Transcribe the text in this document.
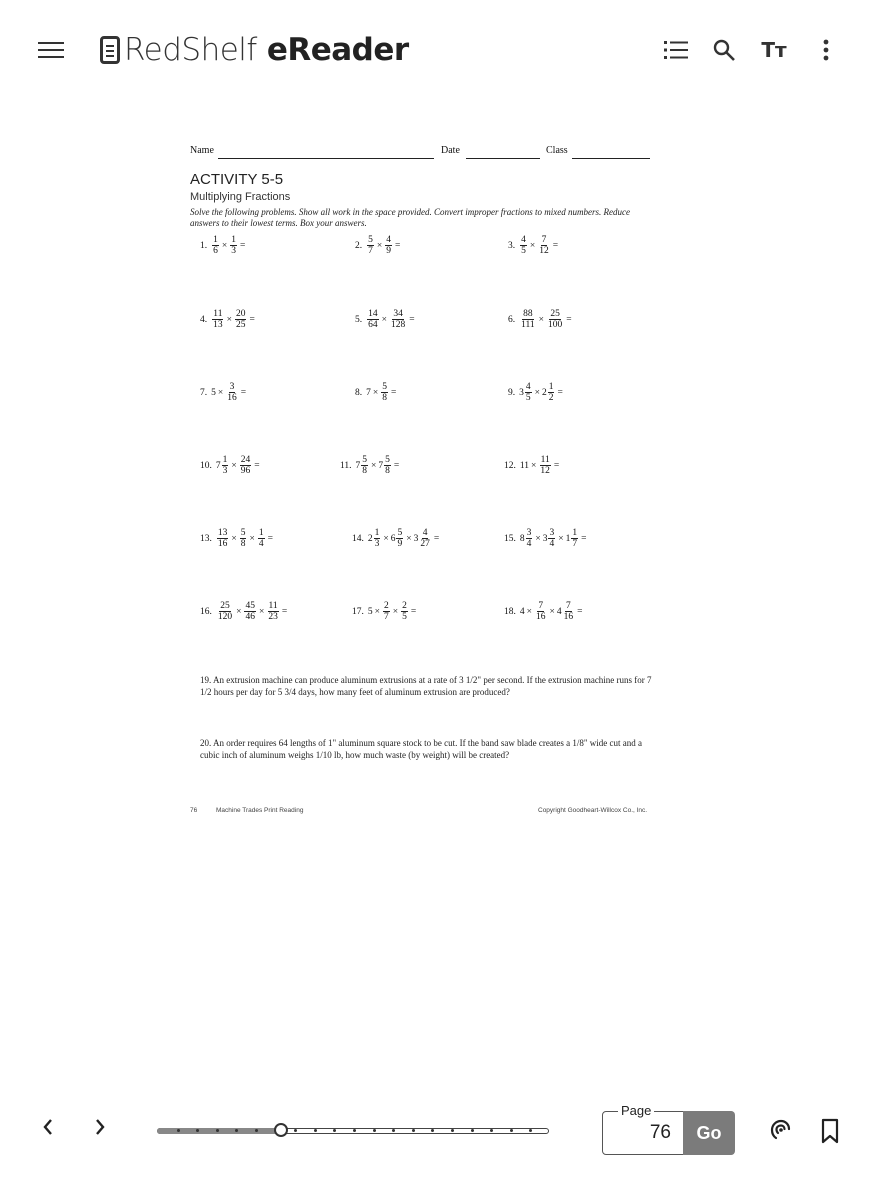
RedShelf eReader	Tт
Name	Date	Class
ACTIVITY 5-5
Multiplying Fractions
Solve the following problems. Show all work in the space provided. Convert improper fractions to mixed numbers. Reduce answers to their lowest terms. Box your answers.
1. $\frac{1}{6} \times \frac{1}{3}$ =	2. $\frac{5}{7} \times \frac{4}{9}$ =	3. $\frac{4}{5} \times \frac{7}{12}$ =
4. $\frac{11}{13} \times \frac{20}{25}$ =	5. $\frac{14}{64} \times \frac{34}{128}$ =	6. $\frac{88}{111} \times \frac{25}{100}$ =
7. $5 \times \frac{3}{16}$ =	8. $7 \times \frac{5}{8}$ =	9. $3 \frac{4}{5} \times 2 \frac{1}{2}$ =
10. $7 \frac{1}{3} \times \frac{24}{96}$ =	11. $7 \frac{5}{8} \times 7 \frac{5}{8}$ =	12. $11 \times \frac{11}{12}$ =
13. $\frac{13}{16} \times \frac{5}{8} \times \frac{1}{4}$ =	14. $2 \frac{1}{3} \times 6 \frac{5}{9} \times 3 \frac{4}{27}$ =	15. $8 \frac{3}{4} \times 3 \frac{3}{4} \times 1 \frac{1}{7}$ =
16. $\frac{25}{120} \times \frac{45}{46} \times \frac{11}{23}$ =	17. $5 \times \frac{2}{7} \times \frac{2}{5}$ =	18. $4 \times \frac{7}{16} \times 4 \frac{7}{16}$ =
19. An extrusion machine can produce aluminum extrusions at a rate of 3 1/2" per second. If the extrusion machine runs for 7 1/2 hours per day for 5 3/4 days, how many feet of aluminum extrusion are produced?
20. An order requires 64 lengths of 1" aluminum square stock to be cut. If the band saw blade creates a 1/8" wide cut and a cubic inch of aluminum weighs 1/10 lb, how much waste (by weight) will be created?
76	Machine Trades Print Reading	Copyright Goodheart-Willcox Co., Inc.
Page
76
Go
